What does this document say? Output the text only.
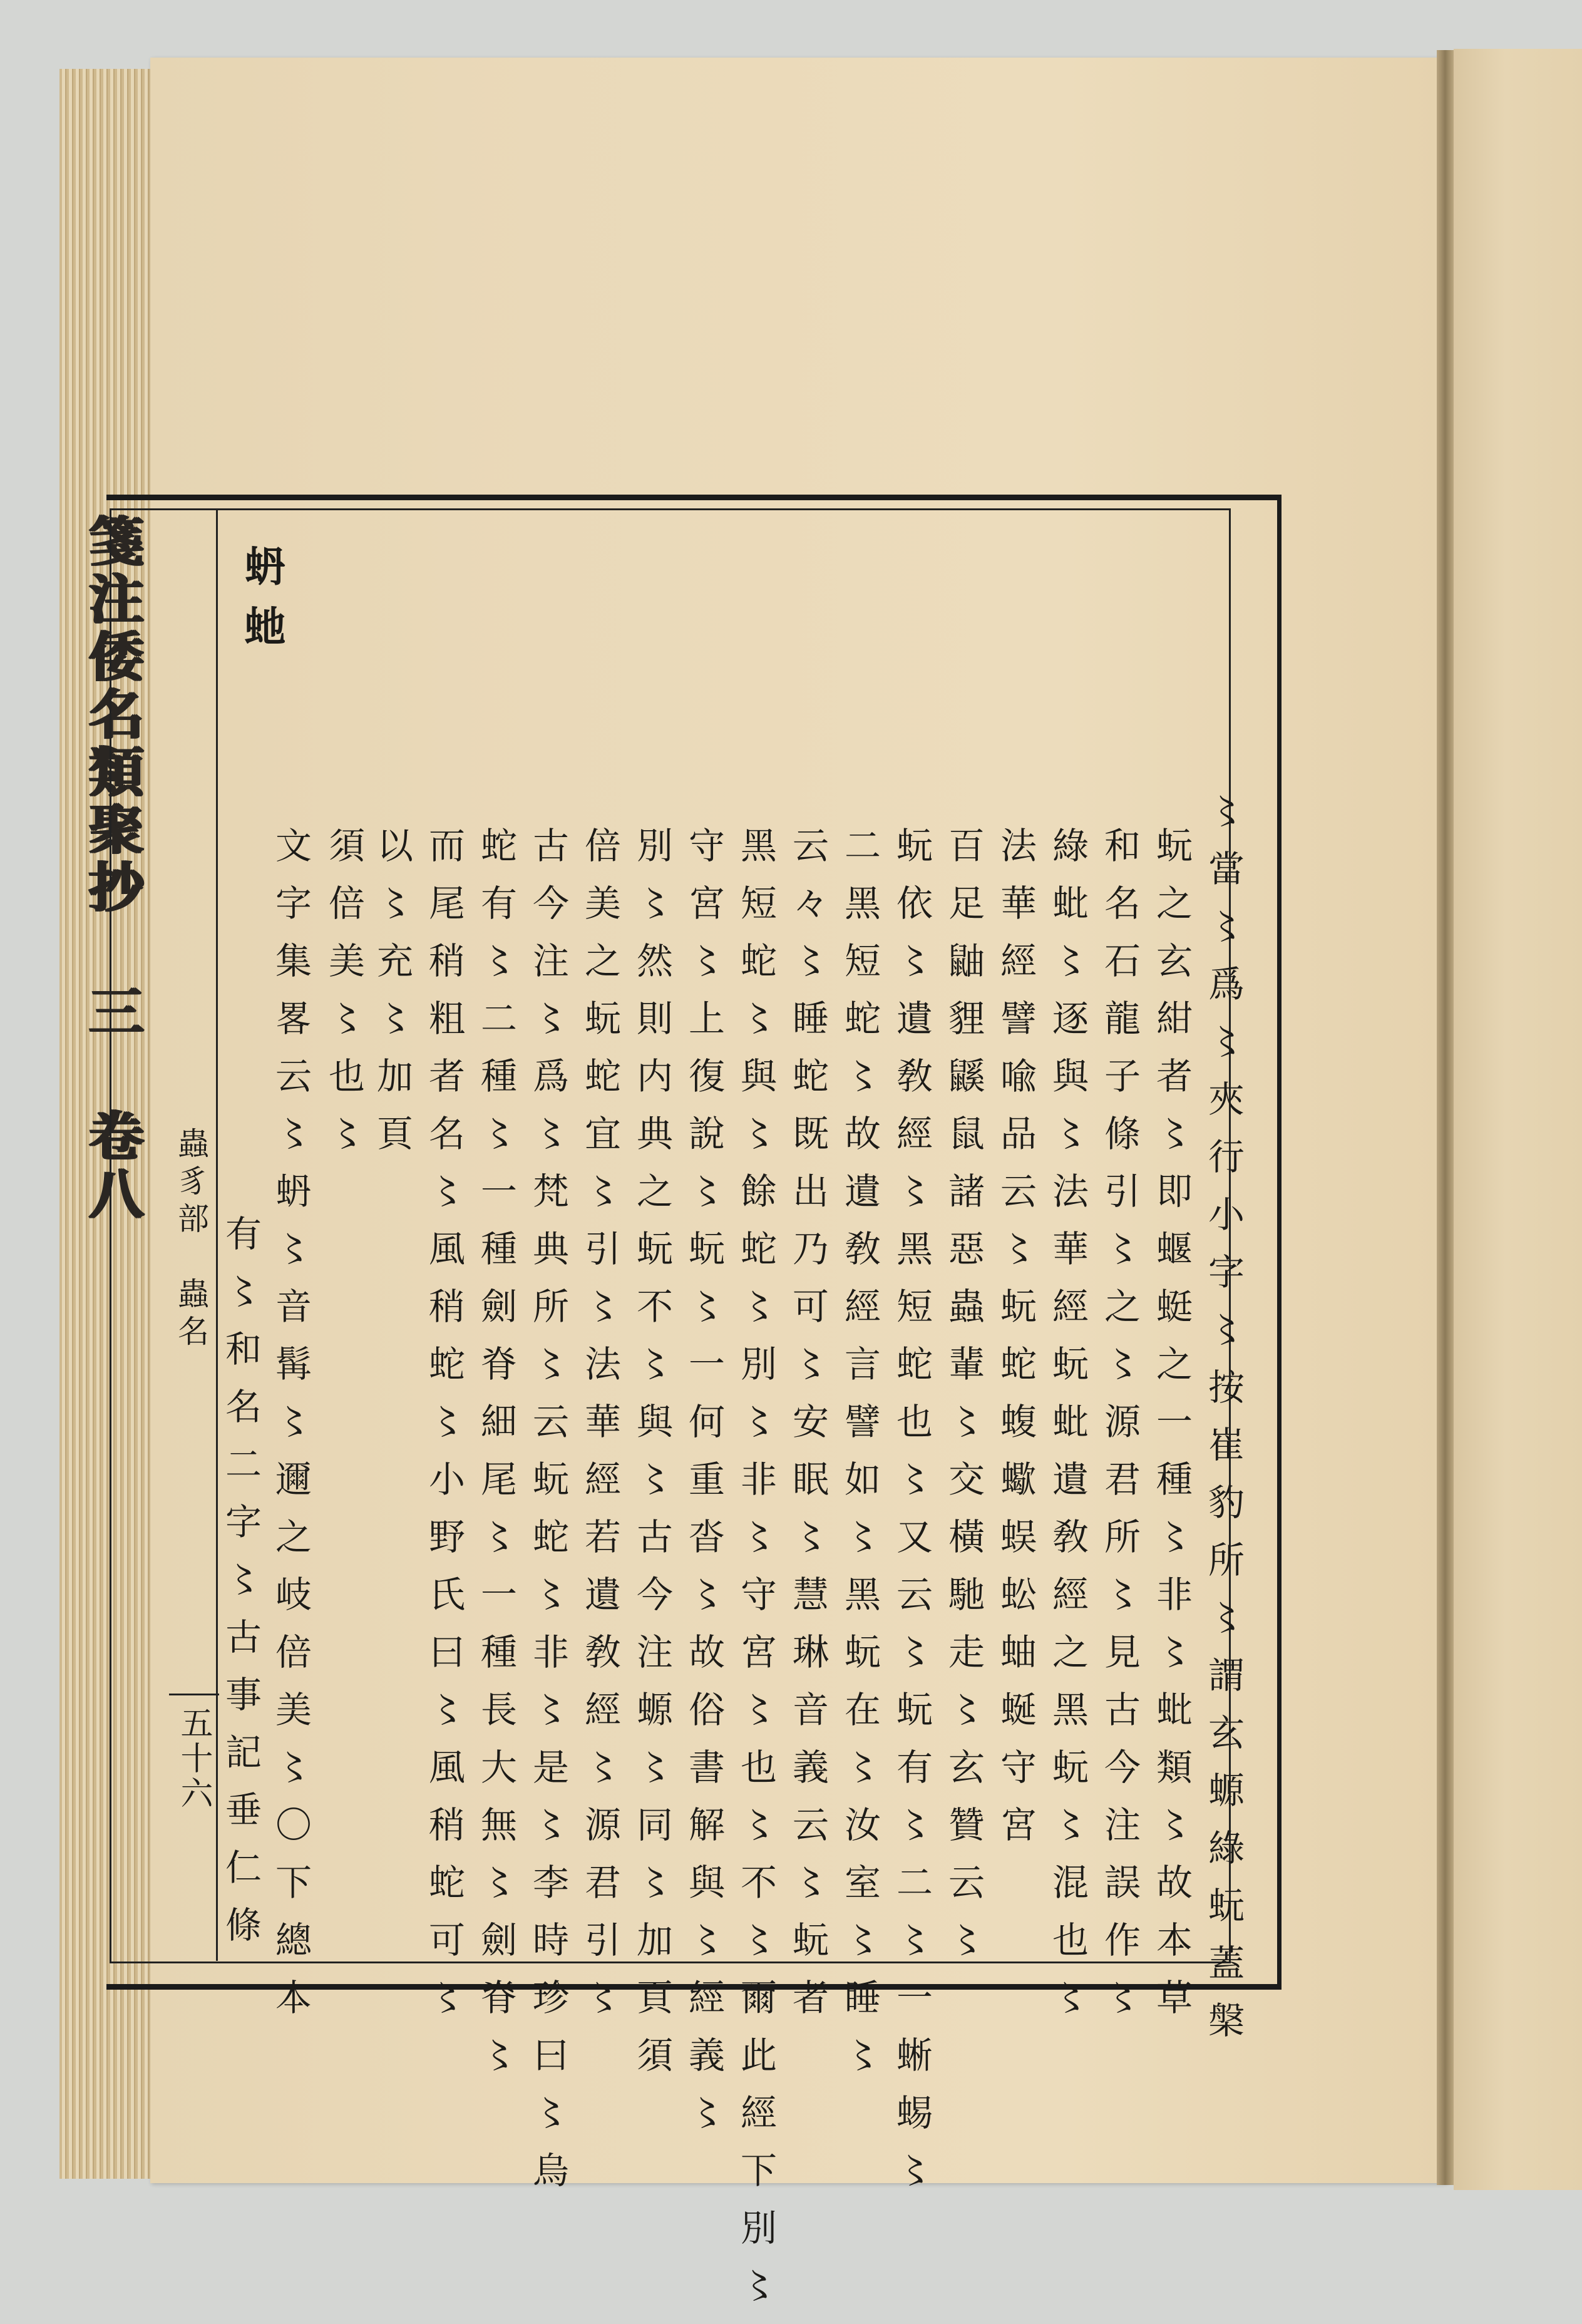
箋注倭名類聚抄 三 卷八
蟲豸部　蟲名
五十六
蚒虵
〻當〻爲〻夾行小字〻按崔豹所〻謂玄螈綠蚖蓋槃
蚖之玄紺者〻即蝘蜓之一種〻非〻蚍類〻故本草
和名石龍子條引〻之〻源君所〻見古今注誤作〻
綠蚍〻逐與〻法華經蚖蚍遺敎經之黑蚖〻混也〻
法華經譬喩品云〻蚖蛇蝮蠍蜈蚣蚰蜒守宮
百足鼬貍鼷鼠諸惡蟲輩〻交橫馳走〻玄贊云〻
蚖依〻遺敎經〻黑短蛇也〻又云〻蚖有〻二〻一蜥蜴〻
二黑短蛇〻故遺敎經言譬如〻黑蚖在〻汝室〻睡〻
云々〻睡蛇既出乃可〻安眠〻慧琳音義云〻蚖者
黑短蛇〻與〻餘蛇〻別〻非〻守宮〻也〻不〻爾此經下別〻
守宮〻上復說〻蚖〻一何重沓〻故俗書解與〻經義〻
別〻然則内典之蚖不〻與〻古今注螈〻同〻加頁須
倍美之蚖蛇宜〻引〻法華經若遺敎經〻源君引〻
古今注〻爲〻梵典所〻云蚖蛇〻非〻是〻李時珍曰〻烏
蛇有〻二種〻一種劍脊細尾〻一種長大無〻劍脊〻
而尾稍粗者名〻風稍蛇〻小野氏曰〻風稍蛇可〻
以〻充〻加頁
須倍美〻也〻
文字集畧云〻蚒〻音髯〻邇之岐倍美〻〇下總本
有〻和名二字〻古事記垂仁條
